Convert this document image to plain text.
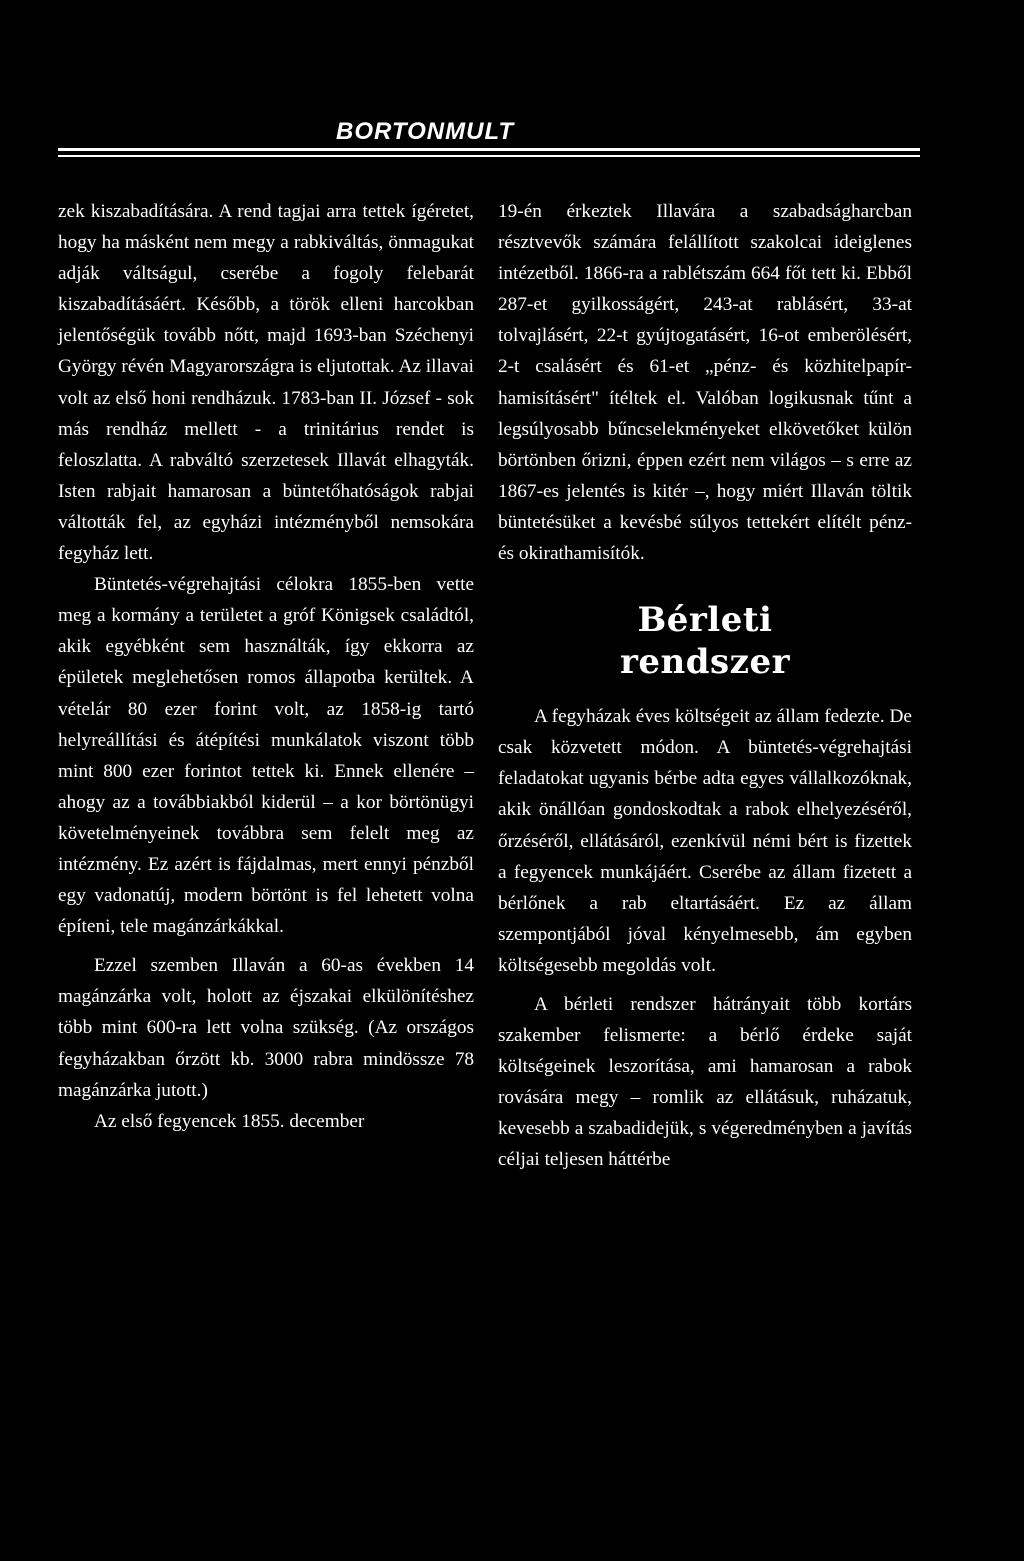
BORTONMULT

zek kiszabadítására. A rend tagjai arra tettek ígéretet, hogy ha másként nem megy a rabkiváltás, önmagukat adják váltságul, cserébe a fogoly felebarát kiszabadításáért. Később, a török elleni harcokban jelentőségük tovább nőtt, majd 1693-ban Széchenyi György révén Magyarországra is eljutottak. Az illavai volt az első honi rendházuk. 1783-ban II. József - sok más rendház mellett - a trinitárius rendet is feloszlatta. A rabváltó szerzetesek Illavát elhagyták. Isten rabjait hamarosan a büntetőhatóságok rabjai váltották fel, az egyházi intézményből nemsokára fegyház lett.

Büntetés-végrehajtási célokra 1855-ben vette meg a kormány a területet a gróf Königsek családtól, akik egyébként sem használták, így ekkorra az épületek meglehetősen romos állapotba kerültek. A vételár 80 ezer forint volt, az 1858-ig tartó helyreállítási és átépítési munkálatok viszont több mint 800 ezer forintot tettek ki. Ennek ellenére – ahogy az a továbbiakból kiderül – a kor börtönügyi követelményeinek továbbra sem felelt meg az intézmény. Ez azért is fájdalmas, mert ennyi pénzből egy vadonatúj, modern börtönt is fel lehetett volna építeni, tele magánzárkákkal.

Ezzel szemben Illaván a 60-as években 14 magánzárka volt, holott az éjszakai elkülönítéshez több mint 600-ra lett volna szükség. (Az országos fegyházakban őrzött kb. 3000 rabra mindössze 78 magánzárka jutott.)

Az első fegyencek 1855. december

19-én érkeztek Illavára a szabadságharcban résztvevők számára felállított szakolcai ideiglenes intézetből. 1866-ra a rablétszám 664 főt tett ki. Ebből 287-et gyilkosságért, 243-at rablásért, 33-at tolvajlásért, 22-t gyújtogatásért, 16-ot emberölésért, 2-t csalásért és 61-et „pénz- és közhitelpapír-hamisításért" ítéltek el. Valóban logikusnak tűnt a legsúlyosabb bűncselekményeket elkövetőket külön börtönben őrizni, éppen ezért nem világos – s erre az 1867-es jelentés is kitér –, hogy miért Illaván töltik büntetésüket a kevésbé súlyos tettekért elítélt pénz- és okirathamisítók.

Bérleti
rendszer

A fegyházak éves költségeit az állam fedezte. De csak közvetett módon. A büntetés-végrehajtási feladatokat ugyanis bérbe adta egyes vállalkozóknak, akik önállóan gondoskodtak a rabok elhelyezéséről, őrzéséről, ellátásáról, ezenkívül némi bért is fizettek a fegyencek munkájáért. Cserébe az állam fizetett a bérlőnek a rab eltartásáért. Ez az állam szempontjából jóval kényelmesebb, ám egyben költségesebb megoldás volt.

A bérleti rendszer hátrányait több kortárs szakember felismerte: a bérlő érdeke saját költségeinek leszorítása, ami hamarosan a rabok rovására megy – romlik az ellátásuk, ruházatuk, kevesebb a szabadidejük, s végeredményben a javítás céljai teljesen háttérbe
